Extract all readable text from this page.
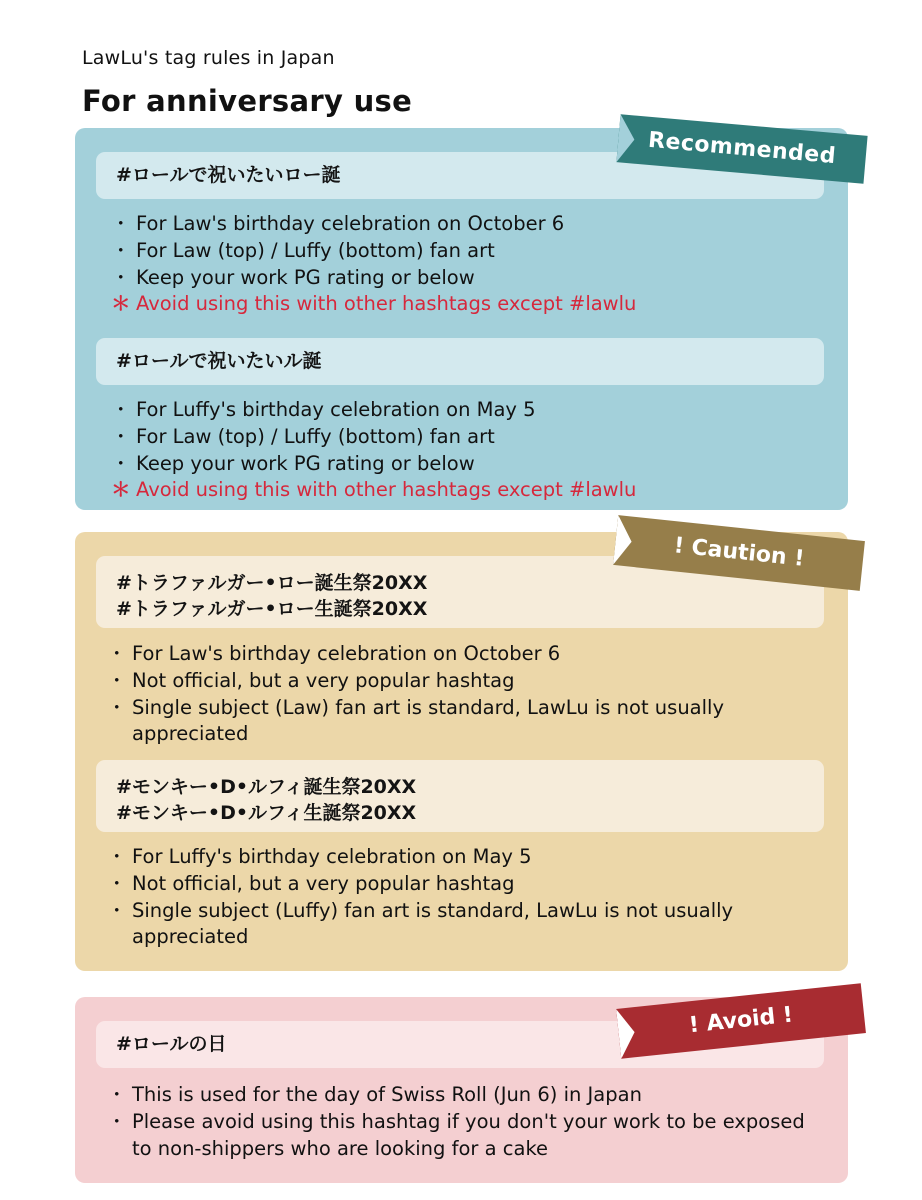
LawLu's tag rules in Japan
For anniversary use
#ロールで祝いたいロー誕
・ For Law's birthday celebration on October 6
・ For Law (top) / Luffy (bottom) fan art
・ Keep your work PG rating or below
＊ Avoid using this with other hashtags except #lawlu
#ロールで祝いたいル誕
・ For Luffy's birthday celebration on May 5
・ For Law (top) / Luffy (bottom) fan art
・ Keep your work PG rating or below
＊ Avoid using this with other hashtags except #lawlu
Recommended
#トラファルガー•ロー誕生祭20XX
#トラファルガー•ロー生誕祭20XX
・ For Law's birthday celebration on October 6
・ Not official, but a very popular hashtag
・ Single subject (Law) fan art is standard, LawLu is not usually appreciated
#モンキー•D•ルフィ誕生祭20XX
#モンキー•D•ルフィ生誕祭20XX
・ For Luffy's birthday celebration on May 5
・ Not official, but a very popular hashtag
・ Single subject (Luffy) fan art is standard, LawLu is not usually appreciated
! Caution !
#ロールの日
・ This is used for the day of Swiss Roll (Jun 6) in Japan
・ Please avoid using this hashtag if you don't your work to be exposed to non-shippers who are looking for a cake
! Avoid !
